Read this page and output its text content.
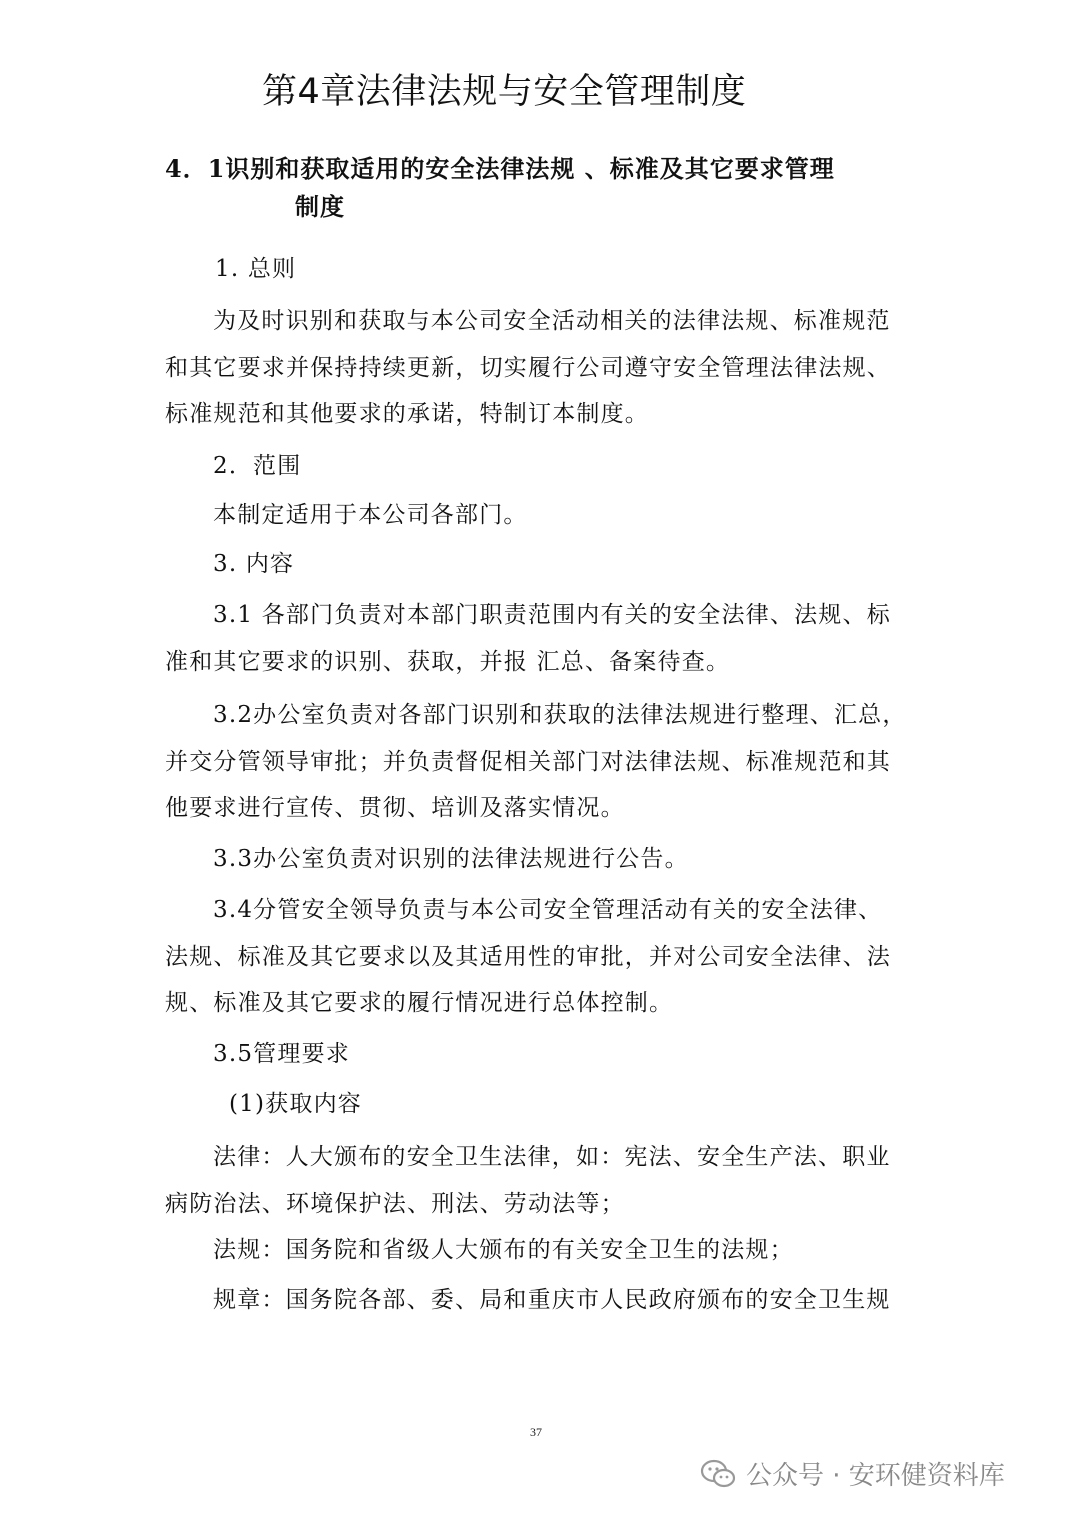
第4章法律法规与安全管理制度
4．1识别和获取适用的安全法律法规 、标准及其它要求管理
制度
1. 总则
为及时识别和获取与本公司安全活动相关的法律法规、标准规范
和其它要求并保持持续更新，切实履行公司遵守安全管理法律法规、
标准规范和其他要求的承诺，特制订本制度。
2．范围
本制定适用于本公司各部门。
3. 内容
3.1 各部门负责对本部门职责范围内有关的安全法律、法规、标
准和其它要求的识别、获取，并报 汇总、备案待查。
3.2办公室负责对各部门识别和获取的法律法规进行整理、汇总，
并交分管领导审批；并负责督促相关部门对法律法规、标准规范和其
他要求进行宣传、贯彻、培训及落实情况。
3.3办公室负责对识别的法律法规进行公告。
3.4分管安全领导负责与本公司安全管理活动有关的安全法律、
法规、标准及其它要求以及其适用性的审批，并对公司安全法律、法
规、标准及其它要求的履行情况进行总体控制。
3.5管理要求
(1)获取内容
法律：人大颁布的安全卫生法律，如：宪法、安全生产法、职业
病防治法、环境保护法、刑法、劳动法等；
法规：国务院和省级人大颁布的有关安全卫生的法规；
规章：国务院各部、委、局和重庆市人民政府颁布的安全卫生规
37
公众号 · 安环健资料库
